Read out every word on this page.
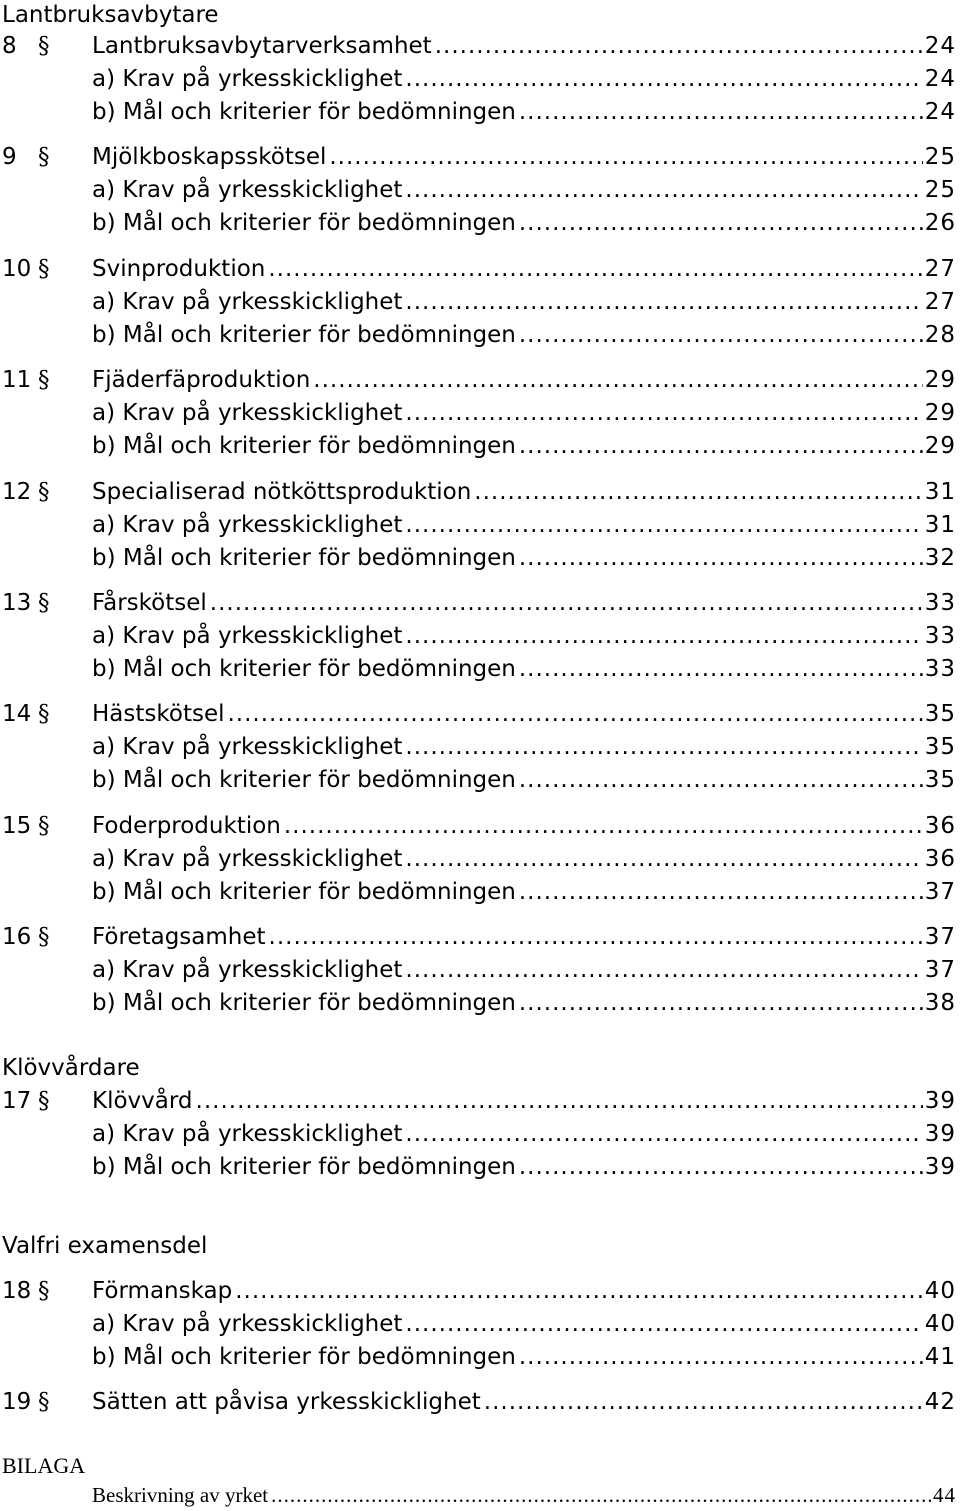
Lantbruksavbytare
8 §	Lantbruksavbytarverksamhet .....	24
a) Krav på yrkesskicklighet .....	24
b) Mål och kriterier för bedömningen .....	24
9 §	Mjölkboskapsskötsel .....	25
a) Krav på yrkesskicklighet .....	25
b) Mål och kriterier för bedömningen .....	26
10 §	Svinproduktion .....	27
a) Krav på yrkesskicklighet .....	27
b) Mål och kriterier för bedömningen .....	28
11 §	Fjäderfäproduktion .....	29
a) Krav på yrkesskicklighet .....	29
b) Mål och kriterier för bedömningen .....	29
12 §	Specialiserad nötköttsproduktion .....	31
a) Krav på yrkesskicklighet .....	31
b) Mål och kriterier för bedömningen .....	32
13 §	Fårskötsel .....	33
a) Krav på yrkesskicklighet .....	33
b) Mål och kriterier för bedömningen .....	33
14 §	Hästskötsel .....	35
a) Krav på yrkesskicklighet .....	35
b) Mål och kriterier för bedömningen .....	35
15 §	Foderproduktion .....	36
a) Krav på yrkesskicklighet .....	36
b) Mål och kriterier för bedömningen .....	37
16 §	Företagsamhet .....	37
a) Krav på yrkesskicklighet .....	37
b) Mål och kriterier för bedömningen .....	38
Klövvårdare
17 §	Klövvård .....	39
a) Krav på yrkesskicklighet .....	39
b) Mål och kriterier för bedömningen .....	39
Valfri examensdel
18 §	Förmanskap .....	40
a) Krav på yrkesskicklighet .....	40
b) Mål och kriterier för bedömningen .....	41
19 §	Sätten att påvisa yrkesskicklighet .....	42
BILAGA
Beskrivning av yrket .....	44
